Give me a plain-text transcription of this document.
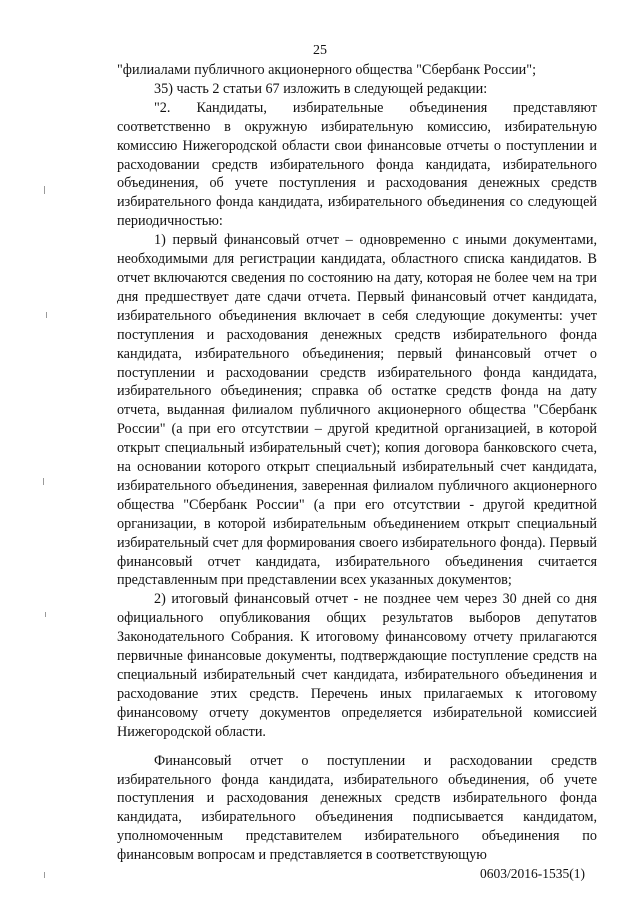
25

"филиалами публичного акционерного общества "Сбербанк России";

35) часть 2 статьи 67 изложить в следующей редакции:

"2. Кандидаты, избирательные объединения представляют соответственно в окружную избирательную комиссию, избирательную комиссию Нижегородской области свои финансовые отчеты о поступлении и расходовании средств избирательного фонда кандидата, избирательного объединения, об учете поступления и расходования денежных средств избирательного фонда кандидата, избирательного объединения со следующей периодичностью:

1) первый финансовый отчет – одновременно с иными документами, необходимыми для регистрации кандидата, областного списка кандидатов. В отчет включаются сведения по состоянию на дату, которая не более чем на три дня предшествует дате сдачи отчета. Первый финансовый отчет кандидата, избирательного объединения включает в себя следующие документы: учет поступления и расходования денежных средств избирательного фонда кандидата, избирательного объединения; первый финансовый отчет о поступлении и расходовании средств избирательного фонда кандидата, избирательного объединения; справка об остатке средств фонда на дату отчета, выданная филиалом публичного акционерного общества "Сбербанк России" (а при его отсутствии – другой кредитной организацией, в которой открыт специальный избирательный счет); копия договора банковского счета, на основании которого открыт специальный избирательный счет кандидата, избирательного объединения, заверенная филиалом публичного акционерного общества "Сбербанк России" (а при его отсутствии - другой кредитной организации, в которой избирательным объединением открыт специальный избирательный счет для формирования своего избирательного фонда). Первый финансовый отчет кандидата, избирательного объединения считается представленным при представлении всех указанных документов;

2) итоговый финансовый отчет - не позднее чем через 30 дней со дня официального опубликования общих результатов выборов депутатов Законодательного Собрания. К итоговому финансовому отчету прилагаются первичные финансовые документы, подтверждающие поступление средств на специальный избирательный счет кандидата, избирательного объединения и расходование этих средств. Перечень иных прилагаемых к итоговому финансовому отчету документов определяется избирательной комиссией Нижегородской области.

Финансовый отчет о поступлении и расходовании средств избирательного фонда кандидата, избирательного объединения, об учете поступления и расходования денежных средств избирательного фонда кандидата, избирательного объединения подписывается кандидатом, уполномоченным представителем избирательного объединения по финансовым вопросам и представляется в соответствующую

0603/2016-1535(1)
